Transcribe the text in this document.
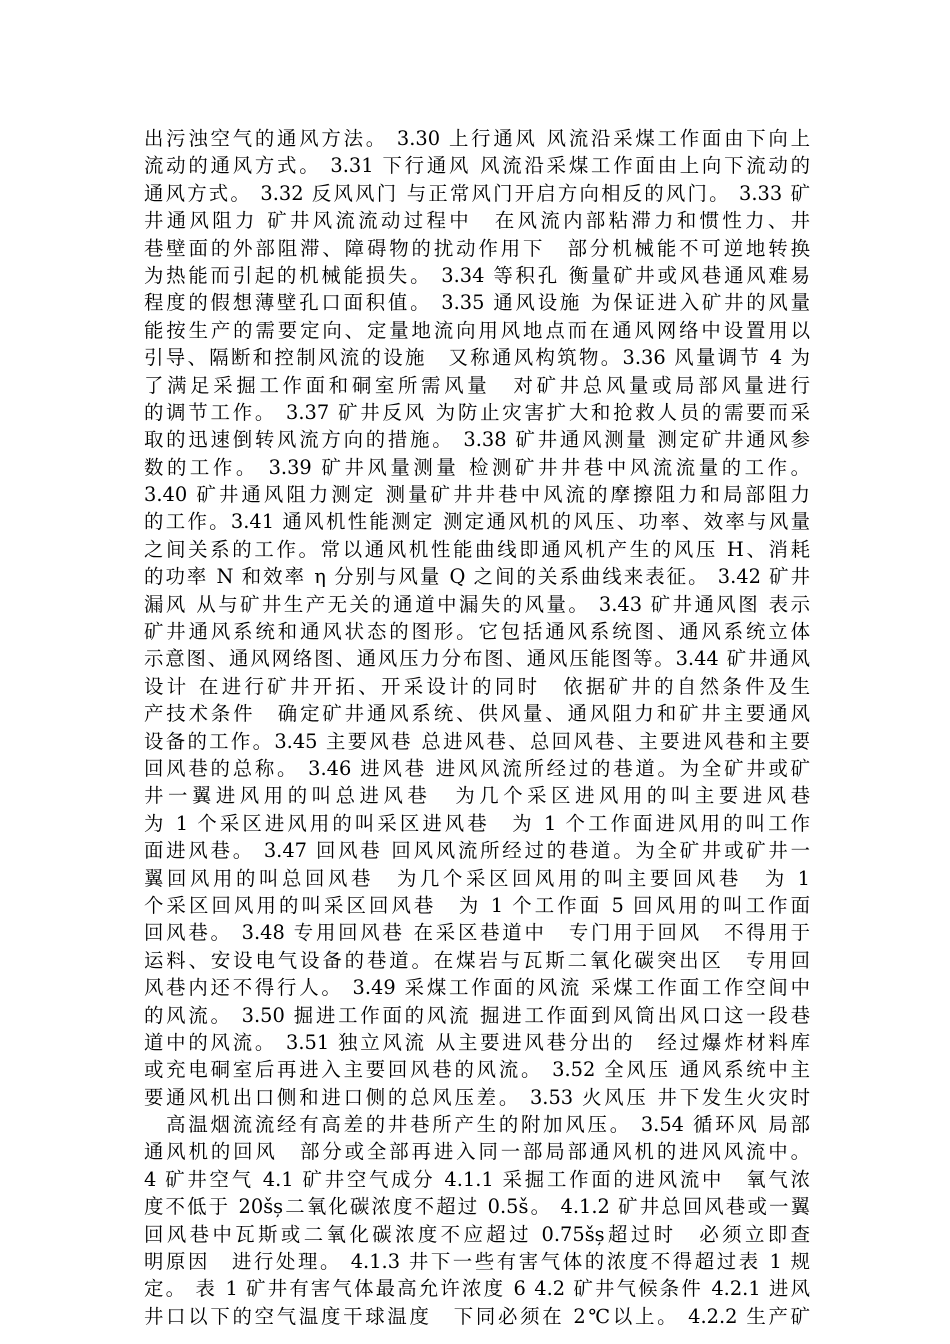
出污浊空气的通风方法。 3.30 上行通风 风流沿采煤工作面由下向上
流动的通风方式。 3.31 下行通风 风流沿采煤工作面由上向下流动的
通风方式。 3.32 反风风门 与正常风门开启方向相反的风门。 3.33 矿
井通风阻力 矿井风流流动过程中　在风流内部粘滞力和惯性力、井
巷壁面的外部阻滞、障碍物的扰动作用下　部分机械能不可逆地转换
为热能而引起的机械能损失。 3.34 等积孔 衡量矿井或风巷通风难易
程度的假想薄壁孔口面积值。 3.35 通风设施 为保证进入矿井的风量
能按生产的需要定向、定量地流向用风地点而在通风网络中设置用以
引导、隔断和控制风流的设施　又称通风构筑物。3.36 风量调节 4 为
了满足采掘工作面和硐室所需风量　对矿井总风量或局部风量进行
的调节工作。 3.37 矿井反风 为防止灾害扩大和抢救人员的需要而采
取的迅速倒转风流方向的措施。 3.38 矿井通风测量 测定矿井通风参
数的工作。 3.39 矿井风量测量 检测矿井井巷中风流流量的工作。
3.40 矿井通风阻力测定 测量矿井井巷中风流的摩擦阻力和局部阻力
的工作。3.41 通风机性能测定 测定通风机的风压、功率、效率与风量
之间关系的工作。常以通风机性能曲线即通风机产生的风压 H、消耗
的功率 N 和效率 η 分别与风量 Q 之间的关系曲线来表征。 3.42 矿井
漏风 从与矿井生产无关的通道中漏失的风量。 3.43 矿井通风图 表示
矿井通风系统和通风状态的图形。它包括通风系统图、通风系统立体
示意图、通风网络图、通风压力分布图、通风压能图等。3.44 矿井通风
设计 在进行矿井开拓、开采设计的同时　依据矿井的自然条件及生
产技术条件　确定矿井通风系统、供风量、通风阻力和矿井主要通风
设备的工作。3.45 主要风巷 总进风巷、总回风巷、主要进风巷和主要
回风巷的总称。 3.46 进风巷 进风风流所经过的巷道。为全矿井或矿
井一翼进风用的叫总进风巷　为几个采区进风用的叫主要进风巷
为 1 个采区进风用的叫采区进风巷　为 1 个工作面进风用的叫工作
面进风巷。 3.47 回风巷 回风风流所经过的巷道。为全矿井或矿井一
翼回风用的叫总回风巷　为几个采区回风用的叫主要回风巷　为 1
个采区回风用的叫采区回风巷　为 1 个工作面 5 回风用的叫工作面
回风巷。 3.48 专用回风巷 在采区巷道中　专门用于回风　不得用于
运料、安设电气设备的巷道。在煤岩与瓦斯二氧化碳突出区　专用回
风巷内还不得行人。 3.49 采煤工作面的风流 采煤工作面工作空间中
的风流。 3.50 掘进工作面的风流 掘进工作面到风筒出风口这一段巷
道中的风流。 3.51 独立风流 从主要进风巷分出的　经过爆炸材料库
或充电硐室后再进入主要回风巷的风流。 3.52 全风压 通风系统中主
要通风机出口侧和进口侧的总风压差。 3.53 火风压 井下发生火灾时
　高温烟流流经有高差的井巷所产生的附加风压。 3.54 循环风 局部
通风机的回风　部分或全部再进入同一部局部通风机的进风风流中。
4 矿井空气 4.1 矿井空气成分 4.1.1 采掘工作面的进风流中　氧气浓
度不低于 20šș二氧化碳浓度不超过 0.5š。 4.1.2 矿井总回风巷或一翼
回风巷中瓦斯或二氧化碳浓度不应超过 0.75šș超过时　必须立即查
明原因　进行处理。 4.1.3 井下一些有害气体的浓度不得超过表 1 规
定。 表 1 矿井有害气体最高允许浓度 6 4.2 矿井气候条件 4.2.1 进风
井口以下的空气温度干球温度　下同必须在 2℃以上。 4.2.2 生产矿
